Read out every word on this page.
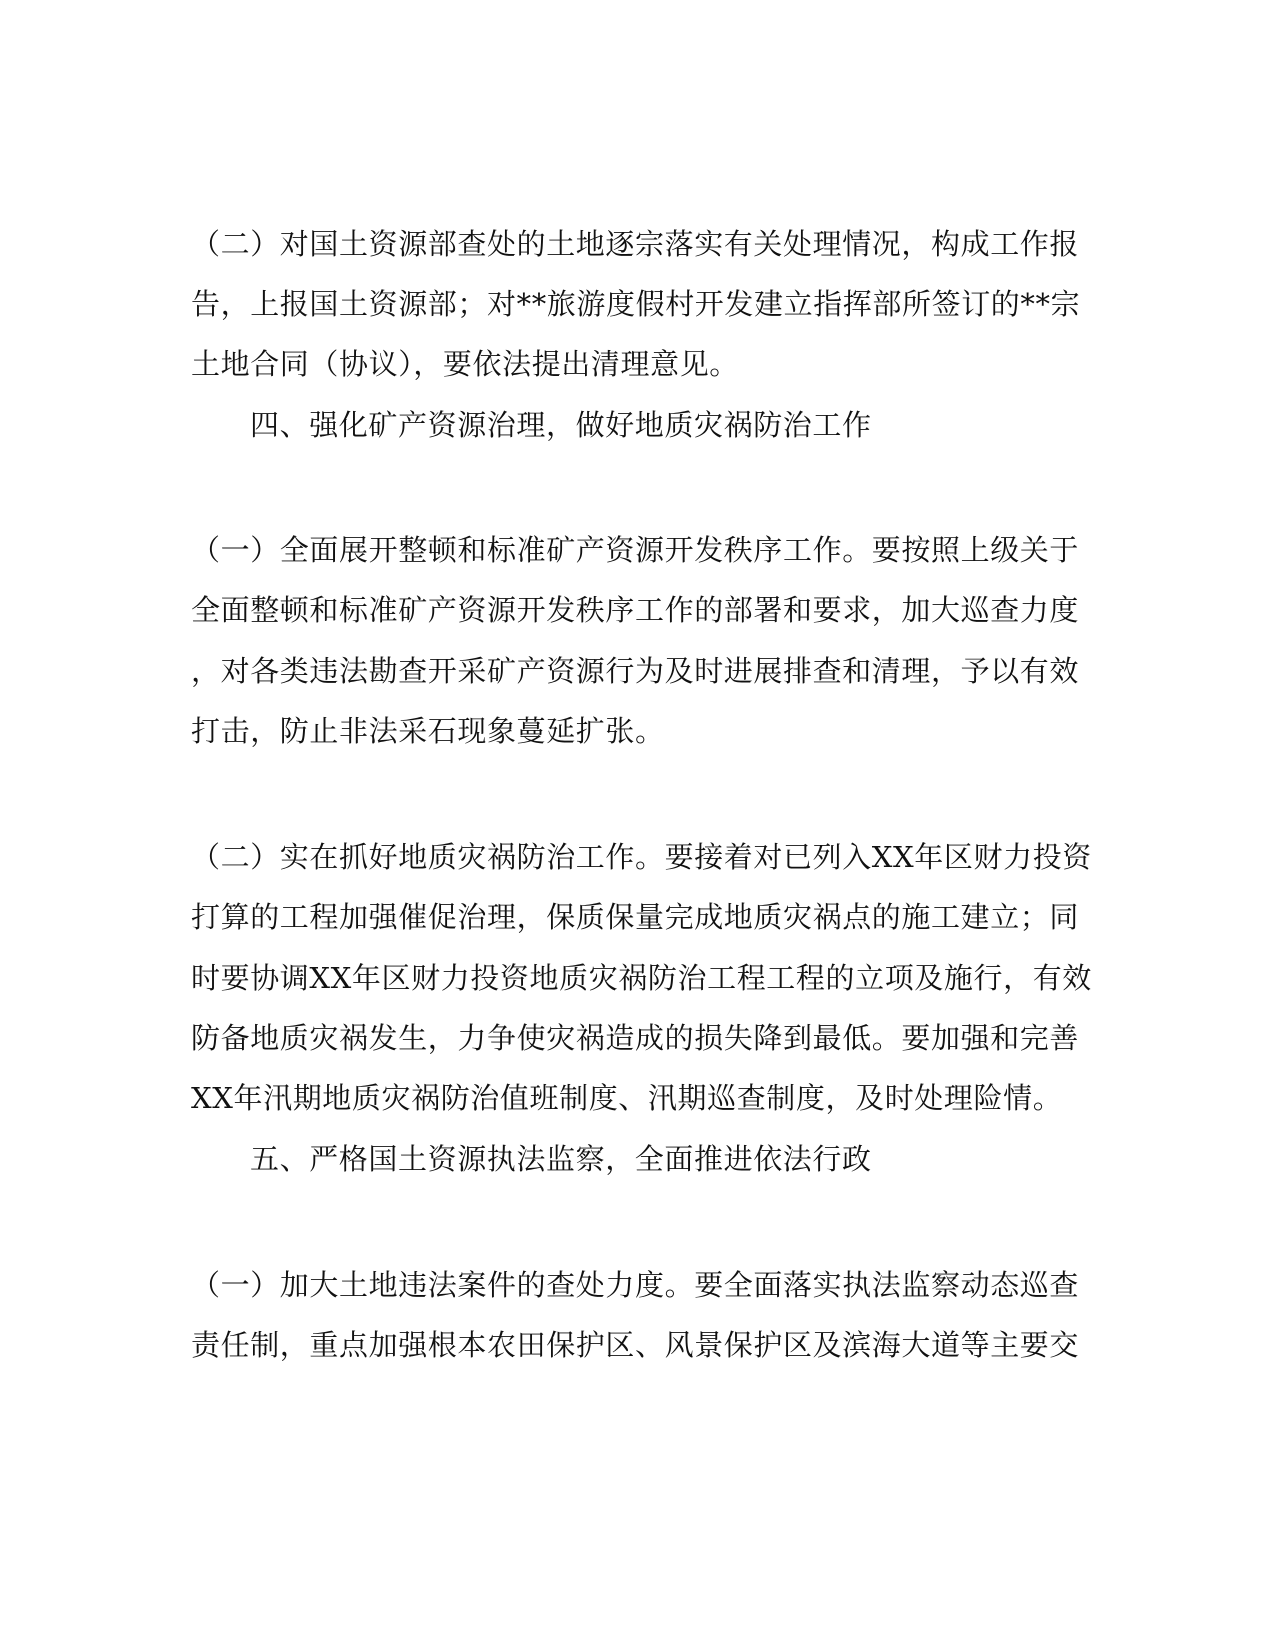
（二）对国土资源部查处的土地逐宗落实有关处理情况，构成工作报
告，上报国土资源部；对**旅游度假村开发建立指挥部所签订的**宗
土地合同（协议），要依法提出清理意见。
四、强化矿产资源治理，做好地质灾祸防治工作
（一）全面展开整顿和标准矿产资源开发秩序工作。要按照上级关于
全面整顿和标准矿产资源开发秩序工作的部署和要求，加大巡查力度
，对各类违法勘查开采矿产资源行为及时进展排查和清理，予以有效
打击，防止非法采石现象蔓延扩张。
（二）实在抓好地质灾祸防治工作。要接着对已列入XX年区财力投资
打算的工程加强催促治理，保质保量完成地质灾祸点的施工建立；同
时要协调XX年区财力投资地质灾祸防治工程工程的立项及施行，有效
防备地质灾祸发生，力争使灾祸造成的损失降到最低。要加强和完善
XX年汛期地质灾祸防治值班制度、汛期巡查制度，及时处理险情。
五、严格国土资源执法监察，全面推进依法行政
（一）加大土地违法案件的查处力度。要全面落实执法监察动态巡查
责任制，重点加强根本农田保护区、风景保护区及滨海大道等主要交
